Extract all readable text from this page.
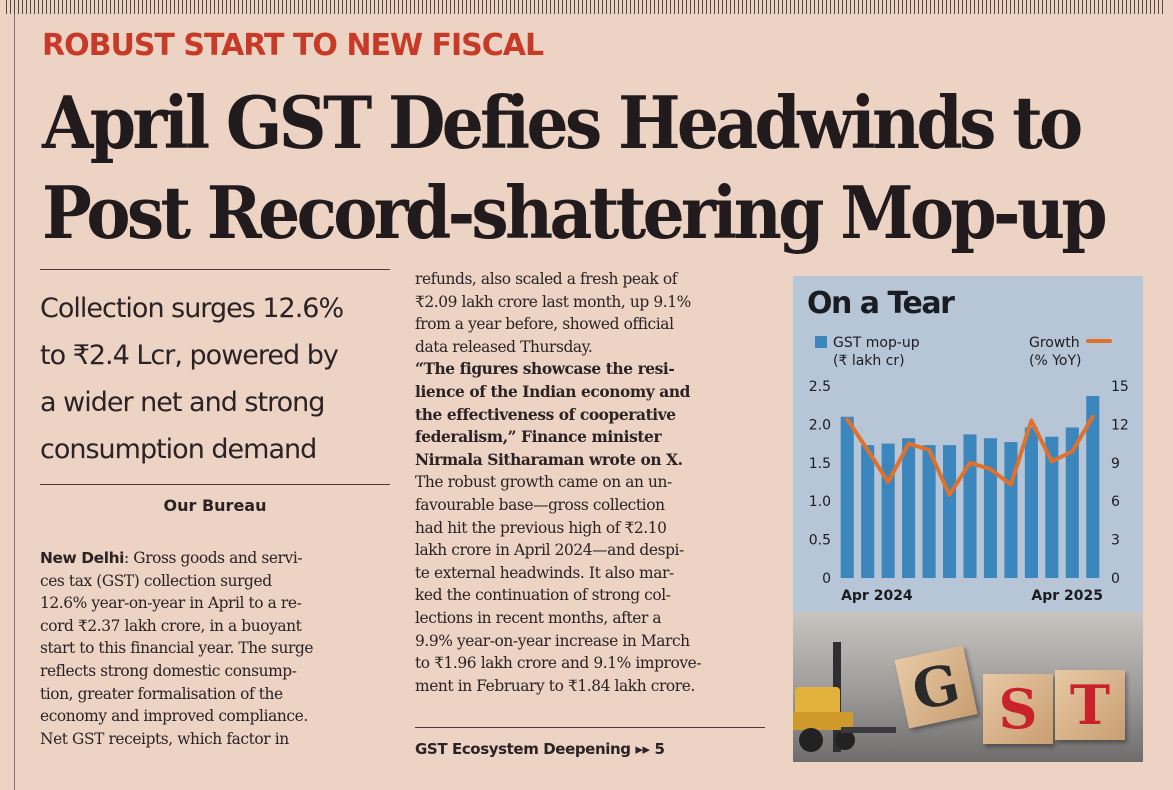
ROBUST START TO NEW FISCAL
April GST Defies Headwinds to
Post Record-shattering Mop-up
Collection surges 12.6%
to ₹2.4 Lcr, powered by
a wider net and strong
consumption demand
Our Bureau
New Delhi: Gross goods and servi-
ces tax (GST) collection surged
12.6% year-on-year in April to a re-
cord ₹2.37 lakh crore, in a buoyant
start to this financial year. The surge
reflects strong domestic consump-
tion, greater formalisation of the
economy and improved compliance.
Net GST receipts, which factor in
refunds, also scaled a fresh peak of
₹2.09 lakh crore last month, up 9.1%
from a year before, showed official
data released Thursday.
“The figures showcase the resi-
lience of the Indian economy and
the effectiveness of cooperative
federalism,” Finance minister
Nirmala Sitharaman wrote on X.
The robust growth came on an un-
favourable base—gross collection
had hit the previous high of ₹2.10
lakh crore in April 2024—and despi-
te external headwinds. It also mar-
ked the continuation of strong col-
lections in recent months, after a
9.9% year-on-year increase in March
to ₹1.96 lakh crore and 9.1% improve-
ment in February to ₹1.84 lakh crore.
GST Ecosystem Deepening ▸▸ 5
On a Tear
GST mop-up
(₹ lakh cr)
Growth
(% YoY)
0
0.5
1.0
1.5
2.0
2.5
0
3
6
9
12
15
Apr 2024	Apr 2025
G S T
